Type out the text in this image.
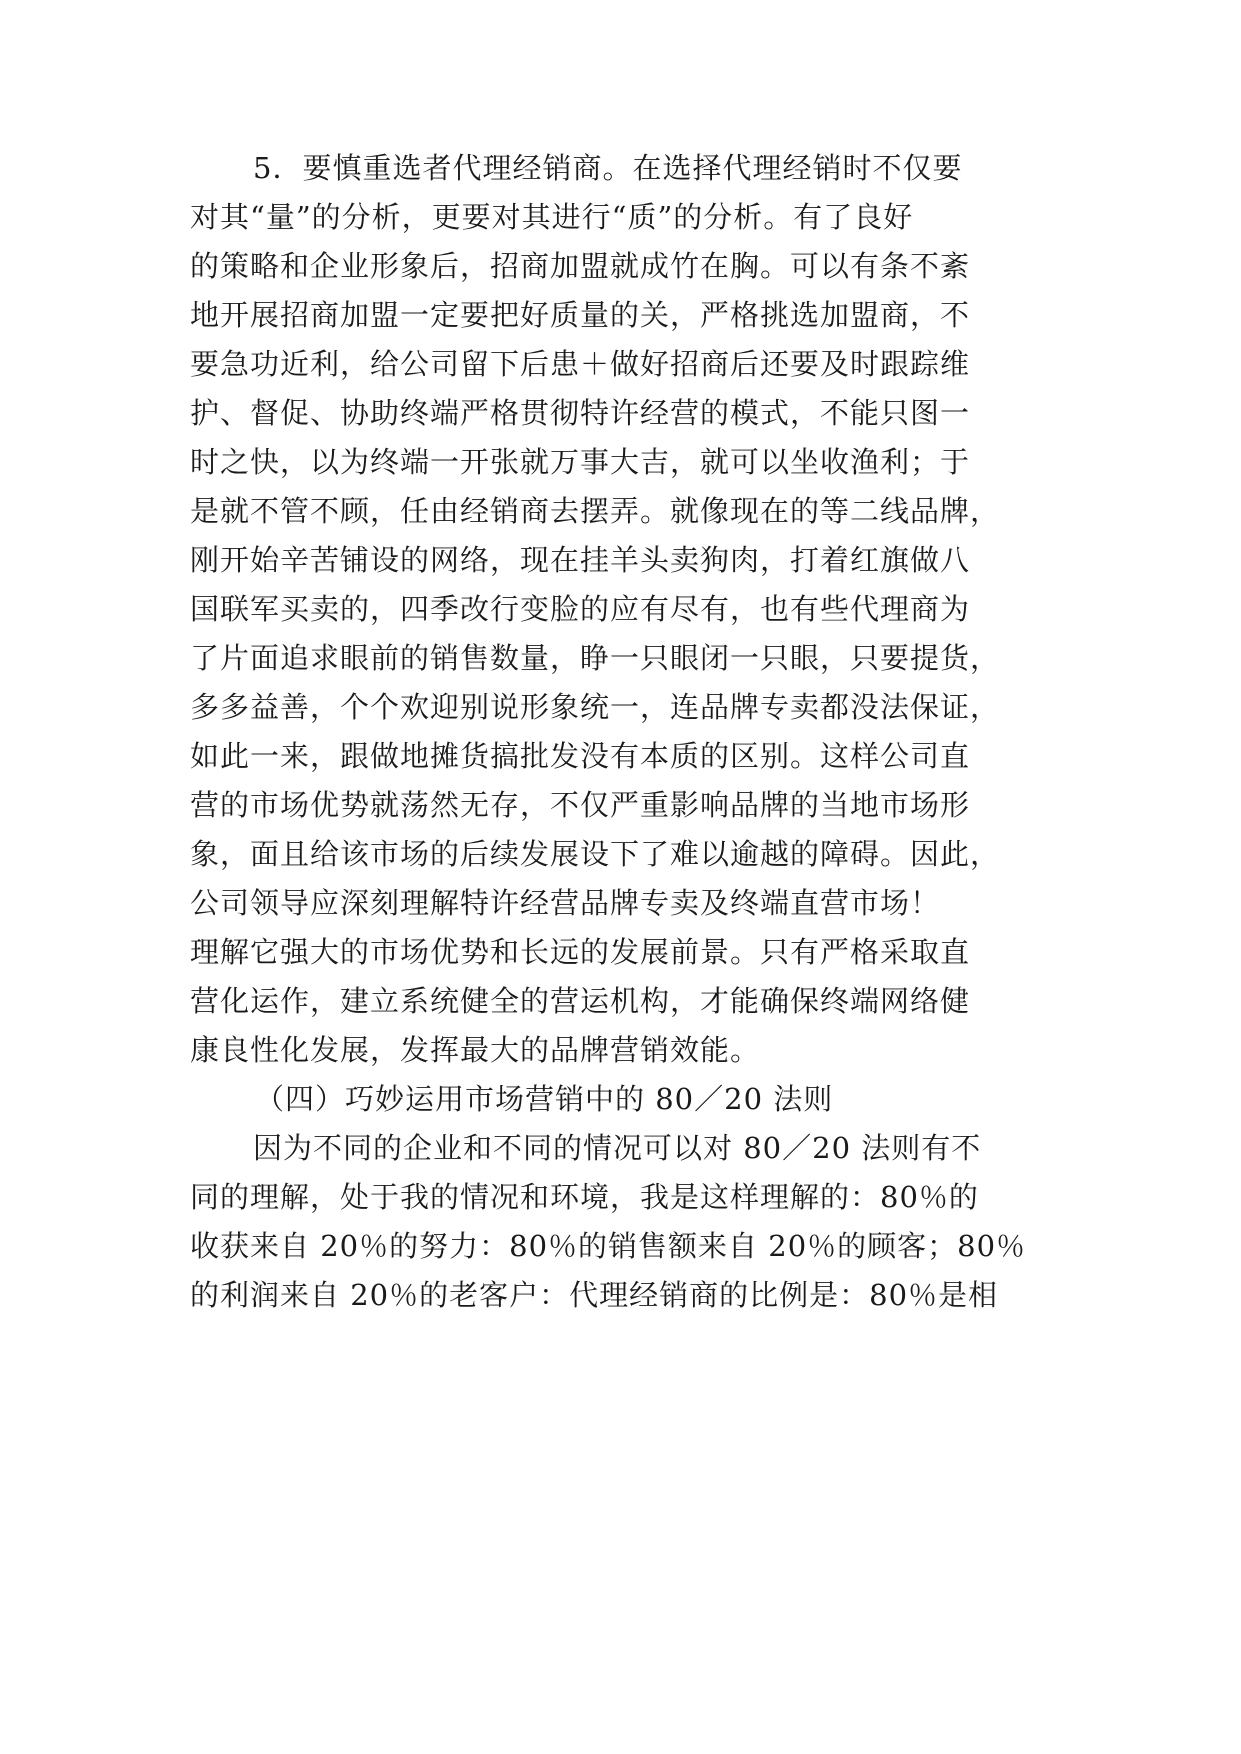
5．要慎重选者代理经销商。在选择代理经销时不仅要
对其“量”的分析，更要对其进行“质”的分析。有了良好
的策略和企业形象后，招商加盟就成竹在胸。可以有条不紊
地开展招商加盟一定要把好质量的关，严格挑选加盟商，不
要急功近利，给公司留下后患＋做好招商后还要及时跟踪维
护、督促、协助终端严格贯彻特许经营的模式，不能只图一
时之快，以为终端一开张就万事大吉，就可以坐收渔利；于
是就不管不顾，任由经销商去摆弄。就像现在的等二线品牌，
刚开始辛苦铺设的网络，现在挂羊头卖狗肉，打着红旗做八
国联军买卖的，四季改行变脸的应有尽有，也有些代理商为
了片面追求眼前的销售数量，睁一只眼闭一只眼，只要提货，
多多益善，个个欢迎别说形象统一，连品牌专卖都没法保证，
如此一来，跟做地摊货搞批发没有本质的区别。这样公司直
营的市场优势就荡然无存，不仅严重影响品牌的当地市场形
象，面且给该市场的后续发展设下了难以逾越的障碍。因此，
公司领导应深刻理解特许经营品牌专卖及终端直营市场！
理解它强大的市场优势和长远的发展前景。只有严格采取直
营化运作，建立系统健全的营运机构，才能确保终端网络健
康良性化发展，发挥最大的品牌营销效能。
（四）巧妙运用市场营销中的 80／20 法则
因为不同的企业和不同的情况可以对 80／20 法则有不
同的理解，处于我的情况和环境，我是这样理解的：80％的
收获来自 20％的努力：80％的销售额来自 20％的顾客；80％
的利润来自 20％的老客户：代理经销商的比例是：80％是相
